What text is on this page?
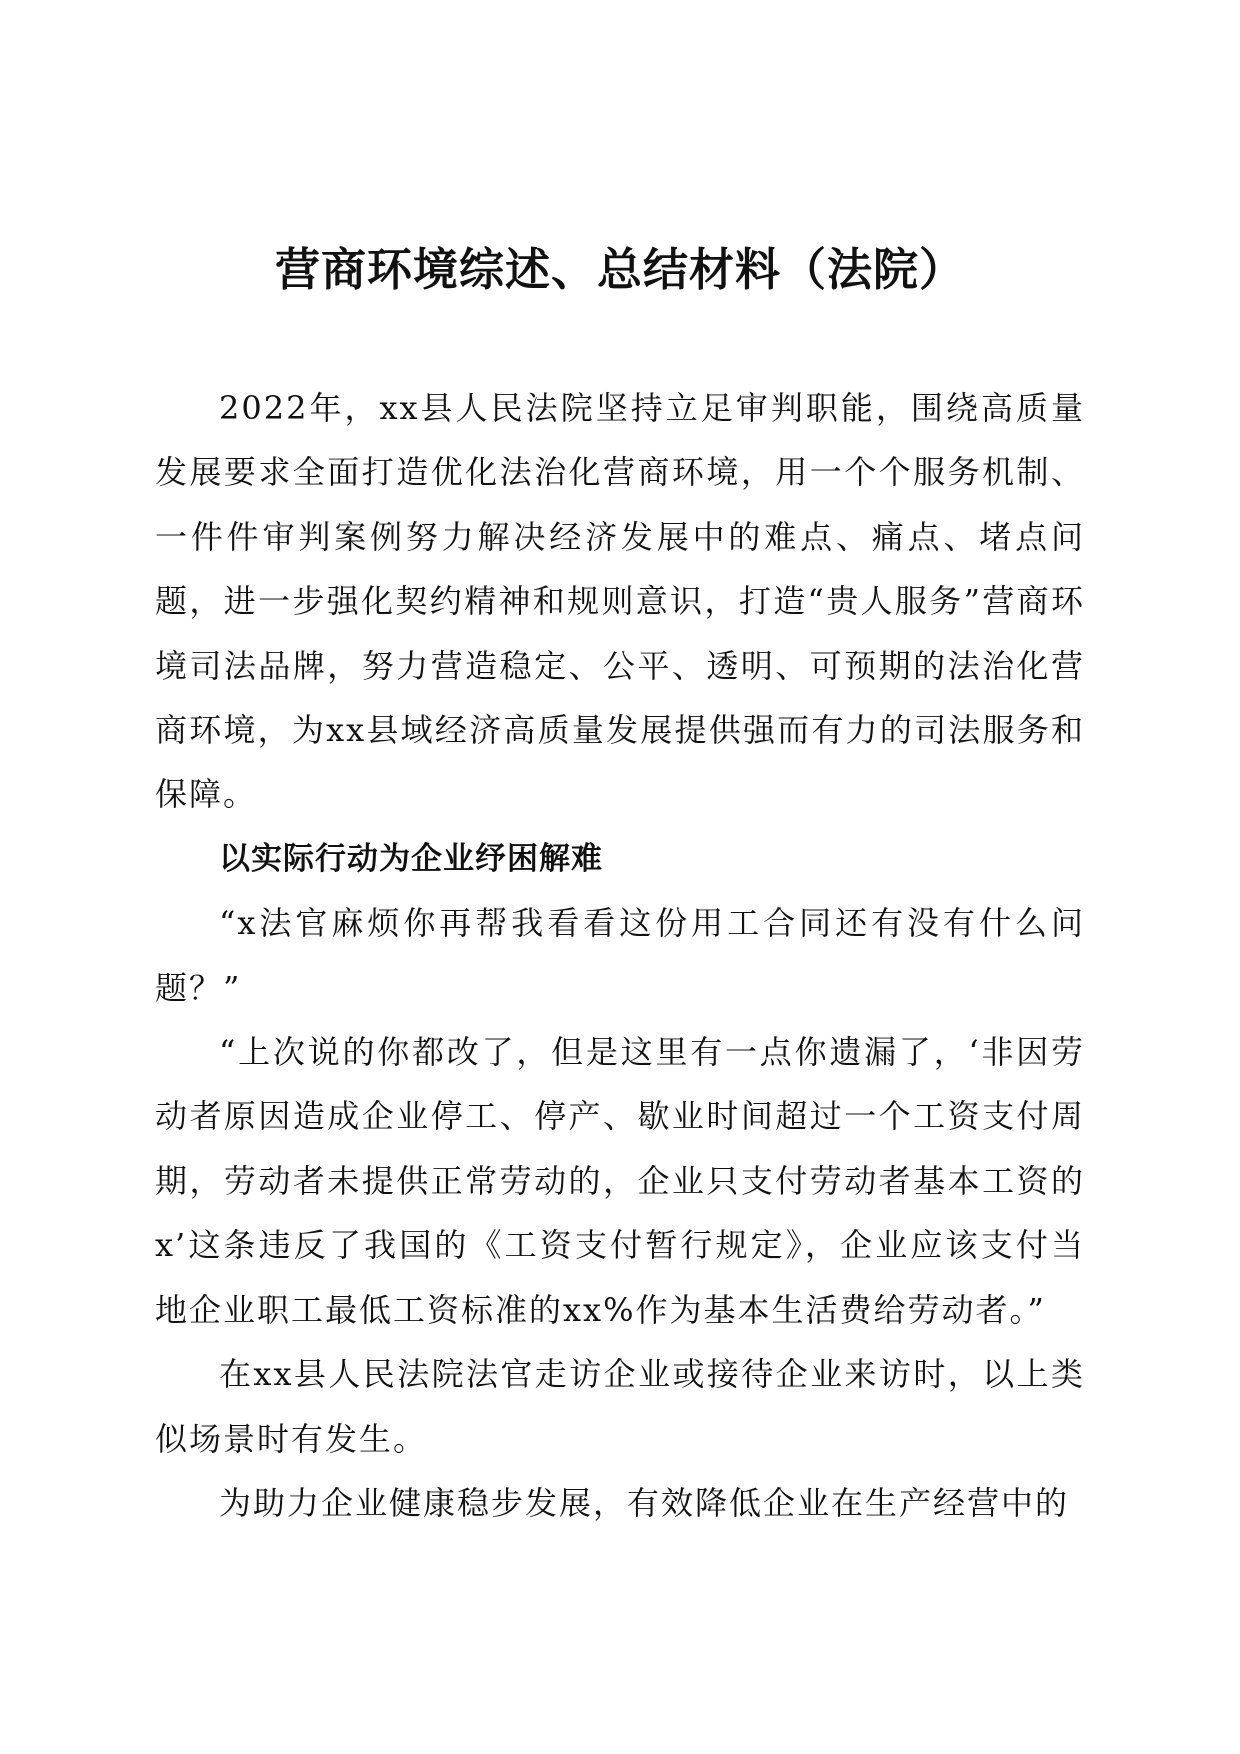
营商环境综述、总结材料（法院）

2022年，xx县人民法院坚持立足审判职能，围绕高质量发展要求全面打造优化法治化营商环境，用一个个服务机制、一件件审判案例努力解决经济发展中的难点、痛点、堵点问题，进一步强化契约精神和规则意识，打造“贵人服务”营商环境司法品牌，努力营造稳定、公平、透明、可预期的法治化营商环境，为xx县域经济高质量发展提供强而有力的司法服务和保障。

以实际行动为企业纾困解难

“x法官麻烦你再帮我看看这份用工合同还有没有什么问题？”

“上次说的你都改了，但是这里有一点你遗漏了，‘非因劳动者原因造成企业停工、停产、歇业时间超过一个工资支付周期，劳动者未提供正常劳动的，企业只支付劳动者基本工资的x’这条违反了我国的《工资支付暂行规定》，企业应该支付当地企业职工最低工资标准的xx%作为基本生活费给劳动者。”

在xx县人民法院法官走访企业或接待企业来访时，以上类似场景时有发生。

为助力企业健康稳步发展，有效降低企业在生产经营中的
